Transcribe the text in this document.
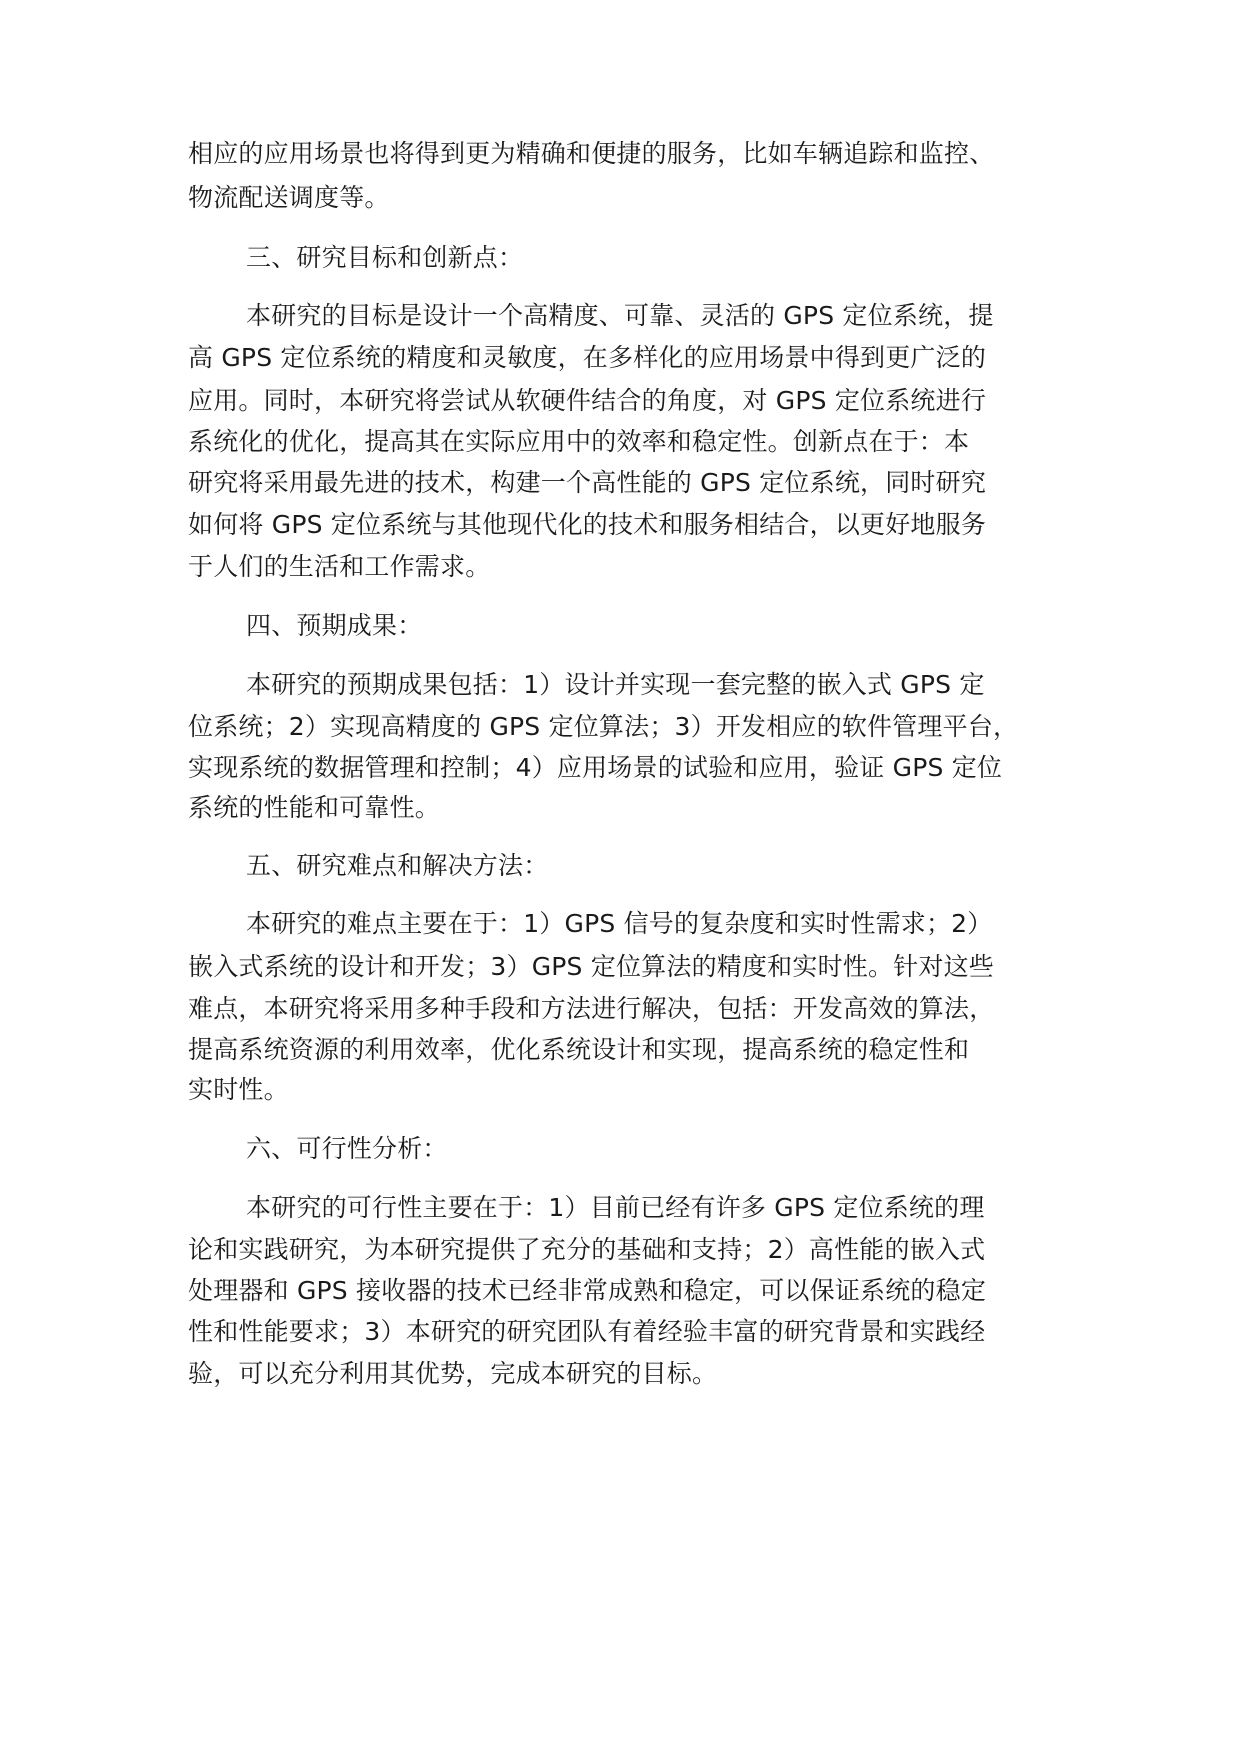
相应的应用场景也将得到更为精确和便捷的服务，比如车辆追踪和监控、
物流配送调度等。
三、研究目标和创新点：
本研究的目标是设计一个高精度、可靠、灵活的 GPS 定位系统，提
高 GPS 定位系统的精度和灵敏度，在多样化的应用场景中得到更广泛的
应用。同时，本研究将尝试从软硬件结合的角度，对 GPS 定位系统进行
系统化的优化，提高其在实际应用中的效率和稳定性。创新点在于：本
研究将采用最先进的技术，构建一个高性能的 GPS 定位系统，同时研究
如何将 GPS 定位系统与其他现代化的技术和服务相结合，以更好地服务
于人们的生活和工作需求。
四、预期成果：
本研究的预期成果包括：1）设计并实现一套完整的嵌入式 GPS 定
位系统；2）实现高精度的 GPS 定位算法；3）开发相应的软件管理平台，
实现系统的数据管理和控制；4）应用场景的试验和应用，验证 GPS 定位
系统的性能和可靠性。
五、研究难点和解决方法：
本研究的难点主要在于：1）GPS 信号的复杂度和实时性需求；2）
嵌入式系统的设计和开发；3）GPS 定位算法的精度和实时性。针对这些
难点，本研究将采用多种手段和方法进行解决，包括：开发高效的算法，
提高系统资源的利用效率，优化系统设计和实现，提高系统的稳定性和
实时性。
六、可行性分析：
本研究的可行性主要在于：1）目前已经有许多 GPS 定位系统的理
论和实践研究，为本研究提供了充分的基础和支持；2）高性能的嵌入式
处理器和 GPS 接收器的技术已经非常成熟和稳定，可以保证系统的稳定
性和性能要求；3）本研究的研究团队有着经验丰富的研究背景和实践经
验，可以充分利用其优势，完成本研究的目标。
